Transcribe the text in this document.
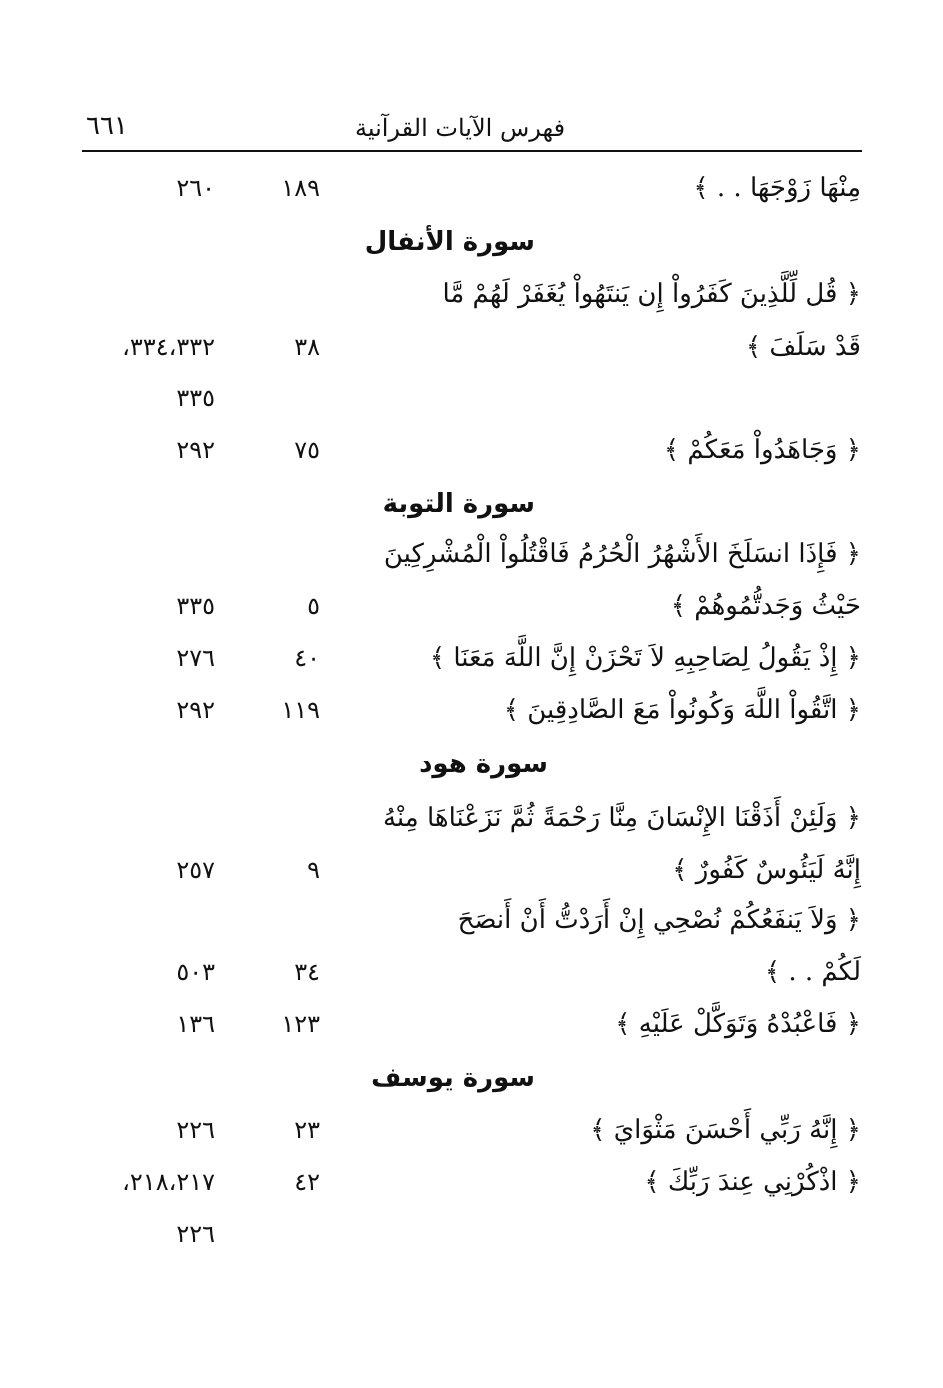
فهرس الآيات القرآنية
٦٦١
مِنْهَا زَوْجَهَا . . ﴾
١٨٩
٢٦٠
سورة الأنفال
﴿ قُل لِّلَّذِينَ كَفَرُواْ إِن يَنتَهُواْ يُغَفَرْ لَهُمْ مَّا
قَدْ سَلَفَ ﴾
٣٨
٣٣٤،٣٣٢،
٣٣٥
﴿ وَجَاهَدُواْ مَعَكُمْ ﴾
٧٥
٢٩٢
سورة التوبة
﴿ فَإِذَا انسَلَخَ الأَشْهُرُ الْحُرُمُ فَاقْتُلُواْ الْمُشْرِكِينَ
حَيْثُ وَجَدتُّمُوهُمْ ﴾
٥
٣٣٥
﴿ إِذْ يَقُولُ لِصَاحِبِهِ لاَ تَحْزَنْ إِنَّ اللَّهَ مَعَنَا ﴾
٤٠
٢٧٦
﴿ اتَّقُواْ اللَّهَ وَكُونُواْ مَعَ الصَّادِقِينَ ﴾
١١٩
٢٩٢
سورة هود
﴿ وَلَئِنْ أَذَقْنَا الإِنْسَانَ مِنَّا رَحْمَةً ثُمَّ نَزَعْنَاهَا مِنْهُ
إِنَّهُ لَيَئُوسٌ كَفُورٌ ﴾
٩
٢٥٧
﴿ وَلاَ يَنفَعُكُمْ نُصْحِي إِنْ أَرَدْتُّ أَنْ أَنصَحَ
لَكُمْ . . ﴾
٣٤
٥٠٣
﴿ فَاعْبُدْهُ وَتَوَكَّلْ عَلَيْهِ ﴾
١٢٣
١٣٦
سورة يوسف
﴿ إِنَّهُ رَبِّي أَحْسَنَ مَثْوَايَ ﴾
٢٣
٢٢٦
﴿ اذْكُرْنِي عِندَ رَبِّكَ ﴾
٤٢
٢١٨،٢١٧،
٢٢٦
